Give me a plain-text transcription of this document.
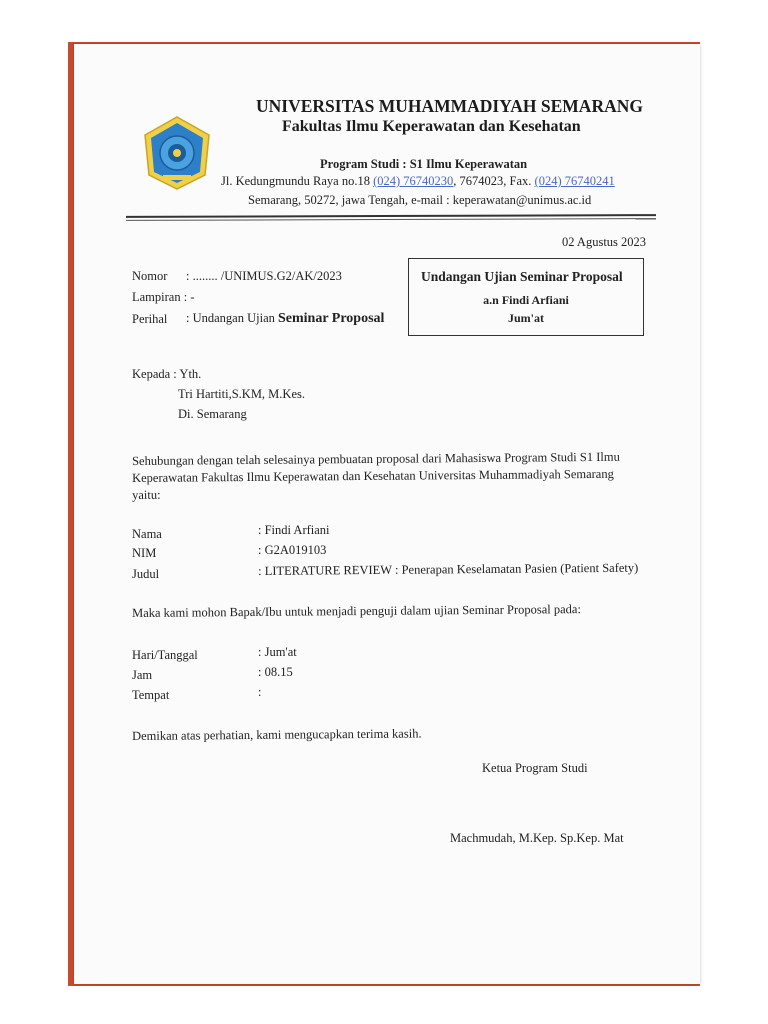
UNIVERSITAS MUHAMMADIYAH SEMARANG
Fakultas Ilmu Keperawatan dan Kesehatan
Program Studi : S1 Ilmu Keperawatan
Jl. Kedungmundu Raya no.18 (024) 76740230, 7674023, Fax. (024) 76740241
Semarang, 50272, jawa Tengah, e-mail : keperawatan@unimus.ac.id
02 Agustus 2023
Nomor : ........ /UNIMUS.G2/AK/2023
Lampiran : -
Perihal : Undangan Ujian Seminar Proposal
Undangan Ujian Seminar Proposal
a.n Findi Arfiani
Jum'at
Kepada : Yth.
Tri Hartiti,S.KM, M.Kes.
Di. Semarang
Sehubungan dengan telah selesainya pembuatan proposal dari Mahasiswa Program Studi S1 Ilmu
Keperawatan Fakultas Ilmu Keperawatan dan Kesehatan Universitas Muhammadiyah Semarang
yaitu:
Nama	: Findi Arfiani
NIM	: G2A019103
Judul	: LITERATURE REVIEW : Penerapan Keselamatan Pasien (Patient Safety)
Maka kami mohon Bapak/Ibu untuk menjadi penguji dalam ujian Seminar Proposal pada:
Hari/Tanggal	: Jum'at
Jam	: 08.15
Tempat	:
Demikan atas perhatian, kami mengucapkan terima kasih.
Ketua Program Studi
Machmudah, M.Kep. Sp.Kep. Mat
